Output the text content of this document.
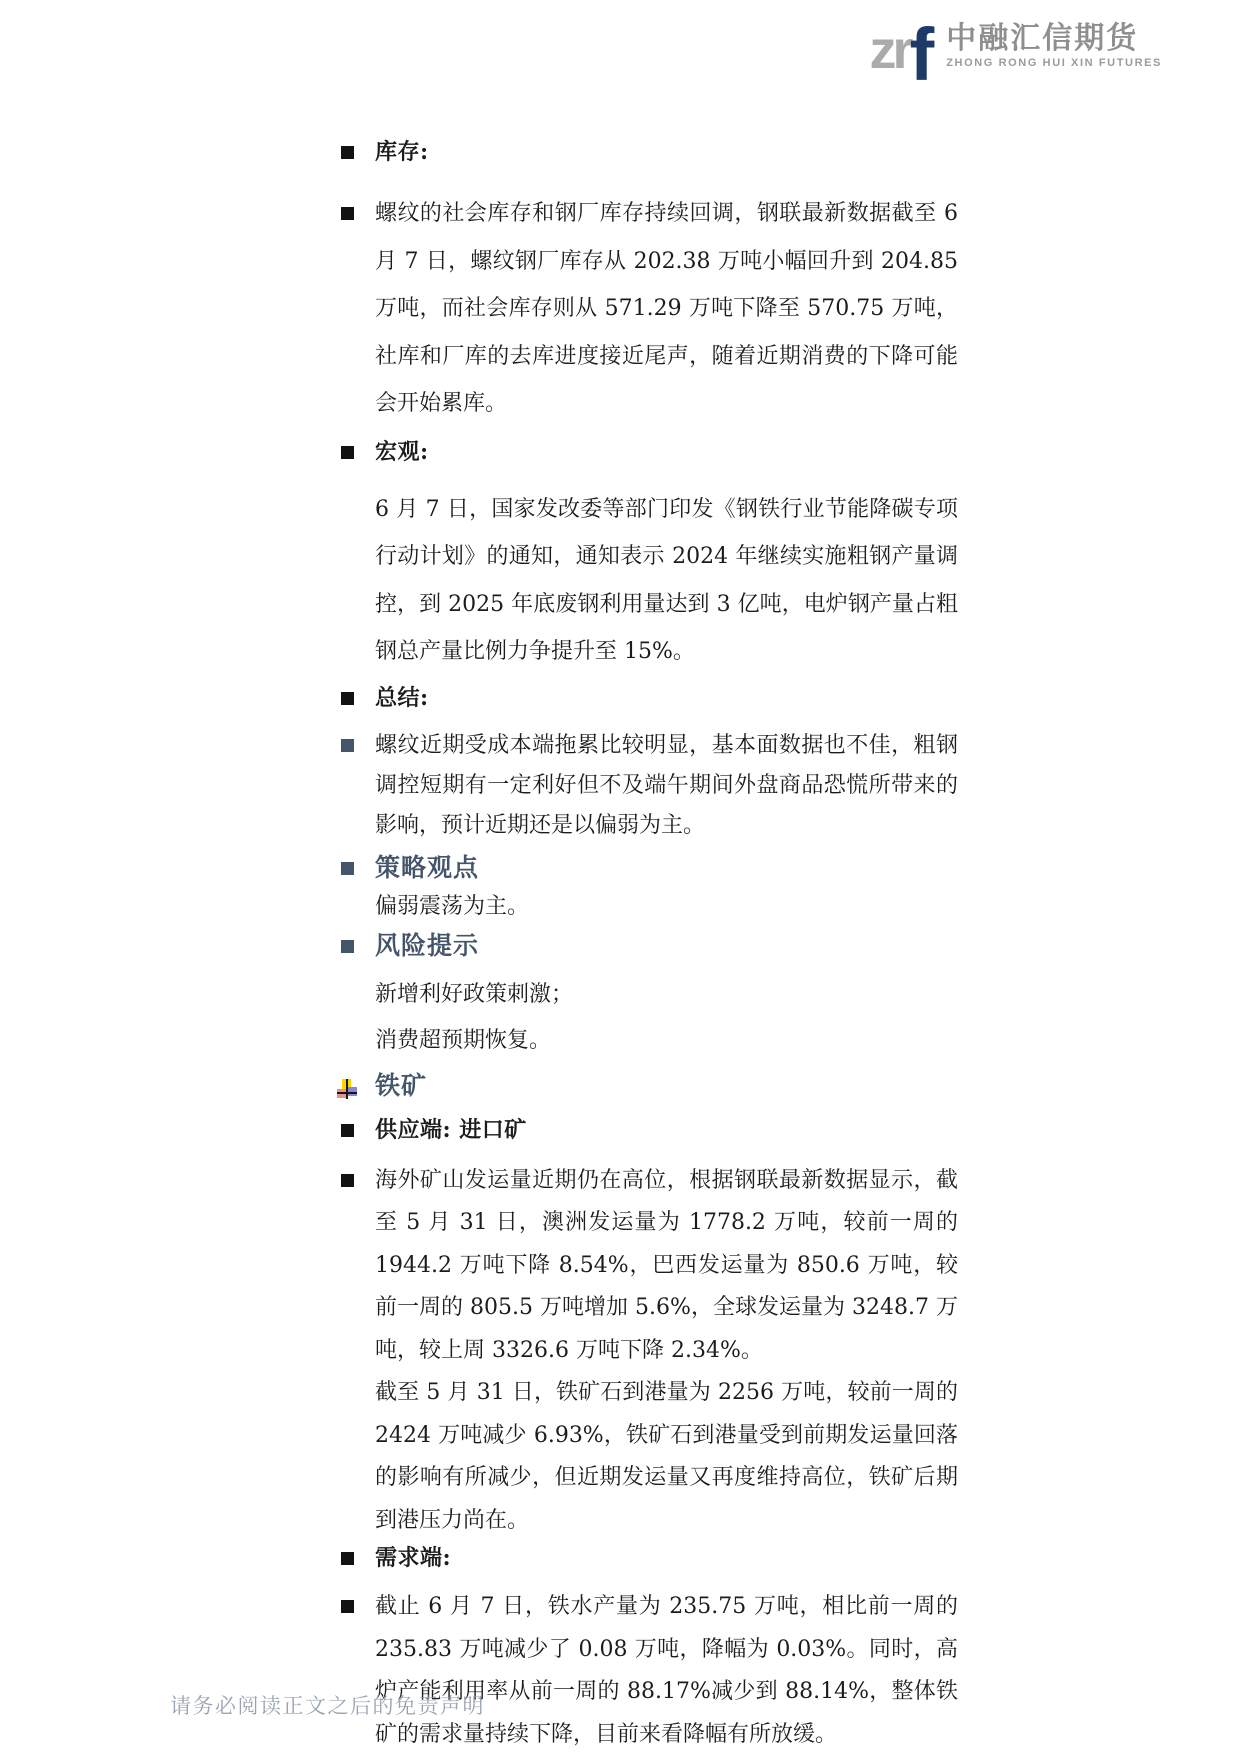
zr f 中融汇信期货
ZHONG RONG HUI XIN FUTURES
库存:
螺纹的社会库存和钢厂库存持续回调，钢联最新数据截至 6 月 7 日，螺纹钢厂库存从 202.38 万吨小幅回升到 204.85 万吨，而社会库存则从 571.29 万吨下降至 570.75 万吨，社库和厂库的去库进度接近尾声，随着近期消费的下降可能会开始累库。
宏观:
6 月 7 日，国家发改委等部门印发《钢铁行业节能降碳专项行动计划》的通知，通知表示 2024 年继续实施粗钢产量调控，到 2025 年底废钢利用量达到 3 亿吨，电炉钢产量占粗钢总产量比例力争提升至 15%。
总结:
螺纹近期受成本端拖累比较明显，基本面数据也不佳，粗钢调控短期有一定利好但不及端午期间外盘商品恐慌所带来的影响，预计近期还是以偏弱为主。
策略观点
偏弱震荡为主。
风险提示
新增利好政策刺激；
消费超预期恢复。
铁矿
供应端: 进口矿
海外矿山发运量近期仍在高位，根据钢联最新数据显示，截至 5 月 31 日，澳洲发运量为 1778.2 万吨，较前一周的 1944.2 万吨下降 8.54%，巴西发运量为 850.6 万吨，较前一周的 805.5 万吨增加 5.6%，全球发运量为 3248.7 万吨，较上周 3326.6 万吨下降 2.34%。
截至 5 月 31 日，铁矿石到港量为 2256 万吨，较前一周的 2424 万吨减少 6.93%，铁矿石到港量受到前期发运量回落的影响有所减少，但近期发运量又再度维持高位，铁矿后期到港压力尚在。
需求端:
截止 6 月 7 日，铁水产量为 235.75 万吨，相比前一周的 235.83 万吨减少了 0.08 万吨，降幅为 0.03%。同时，高炉产能利用率从前一周的 88.17%减少到 88.14%，整体铁矿的需求量持续下降，目前来看降幅有所放缓。
请务必阅读正文之后的免责声明
